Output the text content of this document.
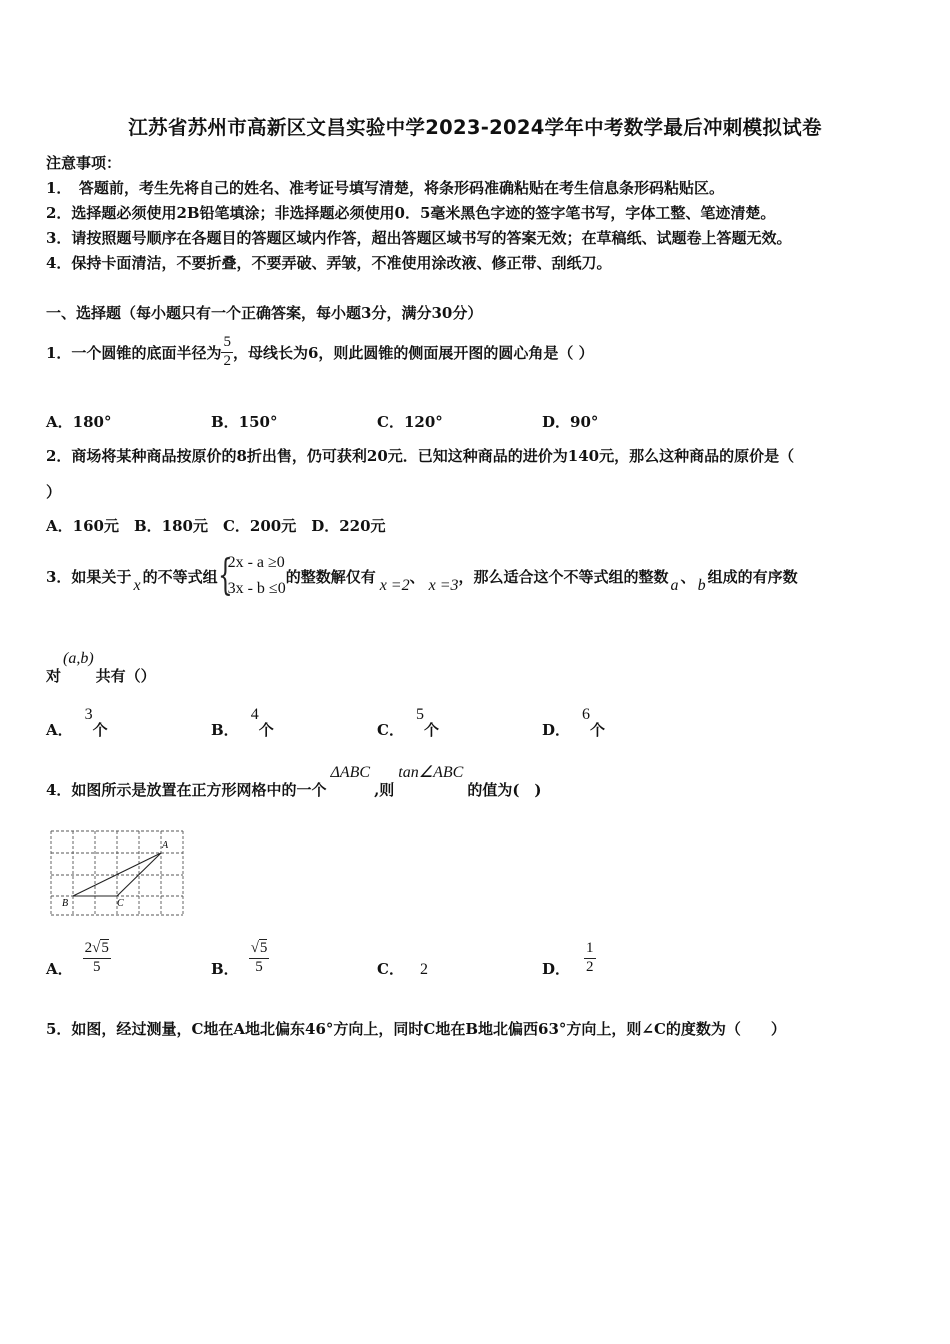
江苏省苏州市高新区文昌实验中学2023-2024学年中考数学最后冲刺模拟试卷
注意事项：
1．　答题前，考生先将自己的姓名、准考证号填写清楚，将条形码准确粘贴在考生信息条形码粘贴区。
2．选择题必须使用2B铅笔填涂；非选择题必须使用0．5毫米黑色字迹的签字笔书写，字体工整、笔迹清楚。
3．请按照题号顺序在各题目的答题区域内作答，超出答题区域书写的答案无效；在草稿纸、试题卷上答题无效。
4．保持卡面清洁，不要折叠，不要弄破、弄皱，不准使用涂改液、修正带、刮纸刀。
一、选择题（每小题只有一个正确答案，每小题3分，满分30分）
1．一个圆锥的底面半径为 $\frac{5}{2}$ ，母线长为6，则此圆锥的侧面展开图的圆心角是（ ）
A．180°	B．150°	C．120°	D．90°
2．商场将某种商品按原价的8折出售，仍可获利20元．已知这种商品的进价为140元，那么这种商品的原价是（
）
A．160元　B．180元　C．200元　D．220元
3．如果关于 x 的不等式组 {
2x - a ≥0
3x - b ≤0
的整数解仅有 x =2 、 x =3 ，那么适合这个不等式组的整数 a 、 b 组成的有序数
对
(a,b)
共有（）
A．
3
个	B．
4
个	C．
5
个	D．
6
个
4．如图所示是放置在正方形网格中的一个
ΔABC
,则
tan∠ABC
的值为(　)
A
B	C
A． $\frac{2√5}{5}$	B． $\frac{√5}{5}$	C． 2	D． $\frac{1}{2}$
5．如图，经过测量，C地在A地北偏东46°方向上，同时C地在B地北偏西63°方向上，则∠C的度数为（　　）
